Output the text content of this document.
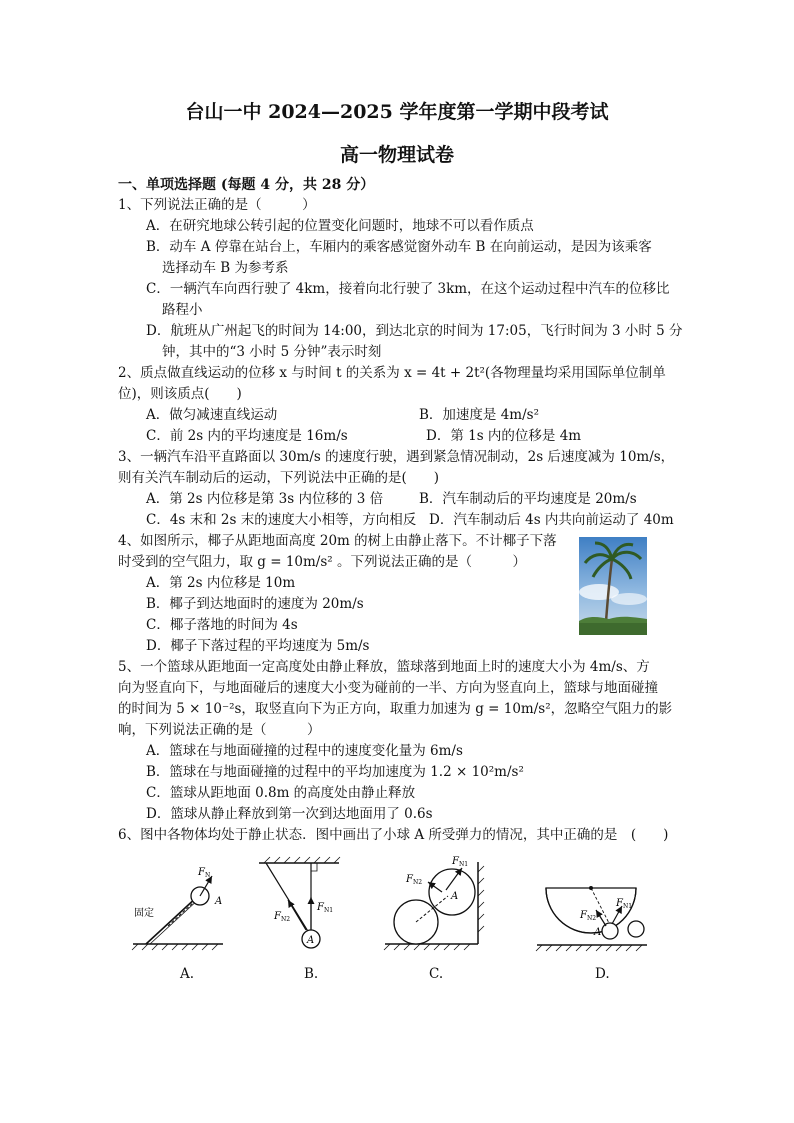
台山一中 2024—2025 学年度第一学期中段考试
高一物理试卷
一、单项选择题 (每题 4 分，共 28 分）
1、下列说法正确的是（　　　）
A．在研究地球公转引起的位置变化问题时，地球不可以看作质点
B．动车 A 停靠在站台上，车厢内的乘客感觉窗外动车 B 在向前运动，是因为该乘客
选择动车 B 为参考系
C．一辆汽车向西行驶了 4km，接着向北行驶了 3km，在这个运动过程中汽车的位移比
路程小
D．航班从广州起飞的时间为 14:00，到达北京的时间为 17:05，飞行时间为 3 小时 5 分
钟，其中的“3 小时 5 分钟”表示时刻
2、质点做直线运动的位移 x 与时间 t 的关系为 x = 4t + 2t²(各物理量均采用国际单位制单
位)，则该质点(　　)
A．做匀减速直线运动	B．加速度是 4m/s²
C．前 2s 内的平均速度是 16m/s	D．第 1s 内的位移是 4m
3、一辆汽车沿平直路面以 30m/s 的速度行驶，遇到紧急情况制动，2s 后速度减为 10m/s，
则有关汽车制动后的运动，下列说法中正确的是(　　)
A．第 2s 内位移是第 3s 内位移的 3 倍	B．汽车制动后的平均速度是 20m/s
C．4s 末和 2s 末的速度大小相等，方向相反 D．汽车制动后 4s 内共向前运动了 40m
4、如图所示，椰子从距地面高度 20m 的树上由静止落下。不计椰子下落
时受到的空气阻力，取 g = 10m/s² 。下列说法正确的是（　　　）
A．第 2s 内位移是 10m
B．椰子到达地面时的速度为 20m/s
C．椰子落地的时间为 4s
D．椰子下落过程的平均速度为 5m/s
5、一个篮球从距地面一定高度处由静止释放，篮球落到地面上时的速度大小为 4m/s、方
向为竖直向下，与地面碰后的速度大小变为碰前的一半、方向为竖直向上，篮球与地面碰撞
的时间为 5 × 10⁻²s，取竖直向下为正方向，取重力加速为 g = 10m/s²，忽略空气阻力的影
响，下列说法正确的是（　　　）
A．篮球在与地面碰撞的过程中的速度变化量为 6m/s
B．篮球在与地面碰撞的过程中的平均加速度为 1.2 × 10²m/s²
C．篮球从距地面 0.8m 的高度处由静止释放
D．篮球从静止释放到第一次到达地面用了 0.6s
6、图中各物体均处于静止状态．图中画出了小球 A 所受弹力的情况，其中正确的是　(　　)
$F_N$
A
固定
A
$F_{N1}$
$F_{N2}$
A
$F_{N1}$
$F_{N2}$
A
$F_{N1}$
$F_{N2}$
A.	B.	C.	D.
